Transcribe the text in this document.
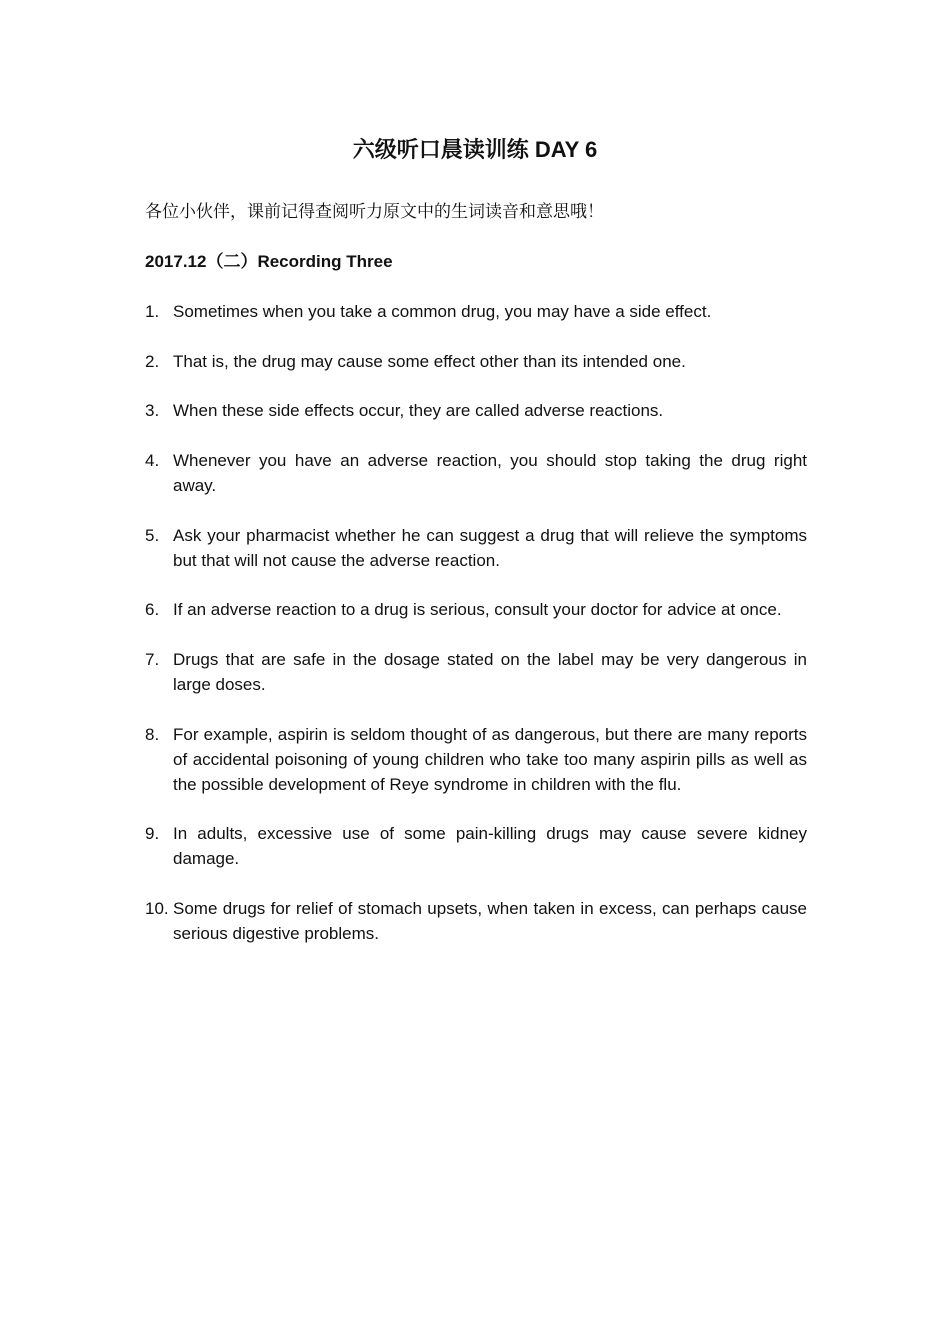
六级听口晨读训练 DAY 6
各位小伙伴，课前记得查阅听力原文中的生词读音和意思哦！
2017.12（二）Recording Three
1. Sometimes when you take a common drug, you may have a side effect.
2. That is, the drug may cause some effect other than its intended one.
3. When these side effects occur, they are called adverse reactions.
4. Whenever you have an adverse reaction, you should stop taking the drug right away.
5. Ask your pharmacist whether he can suggest a drug that will relieve the symptoms but that will not cause the adverse reaction.
6. If an adverse reaction to a drug is serious, consult your doctor for advice at once.
7. Drugs that are safe in the dosage stated on the label may be very dangerous in large doses.
8. For example, aspirin is seldom thought of as dangerous, but there are many reports of accidental poisoning of young children who take too many aspirin pills as well as the possible development of Reye syndrome in children with the flu.
9. In adults, excessive use of some pain-killing drugs may cause severe kidney damage.
10. Some drugs for relief of stomach upsets, when taken in excess, can perhaps cause serious digestive problems.
